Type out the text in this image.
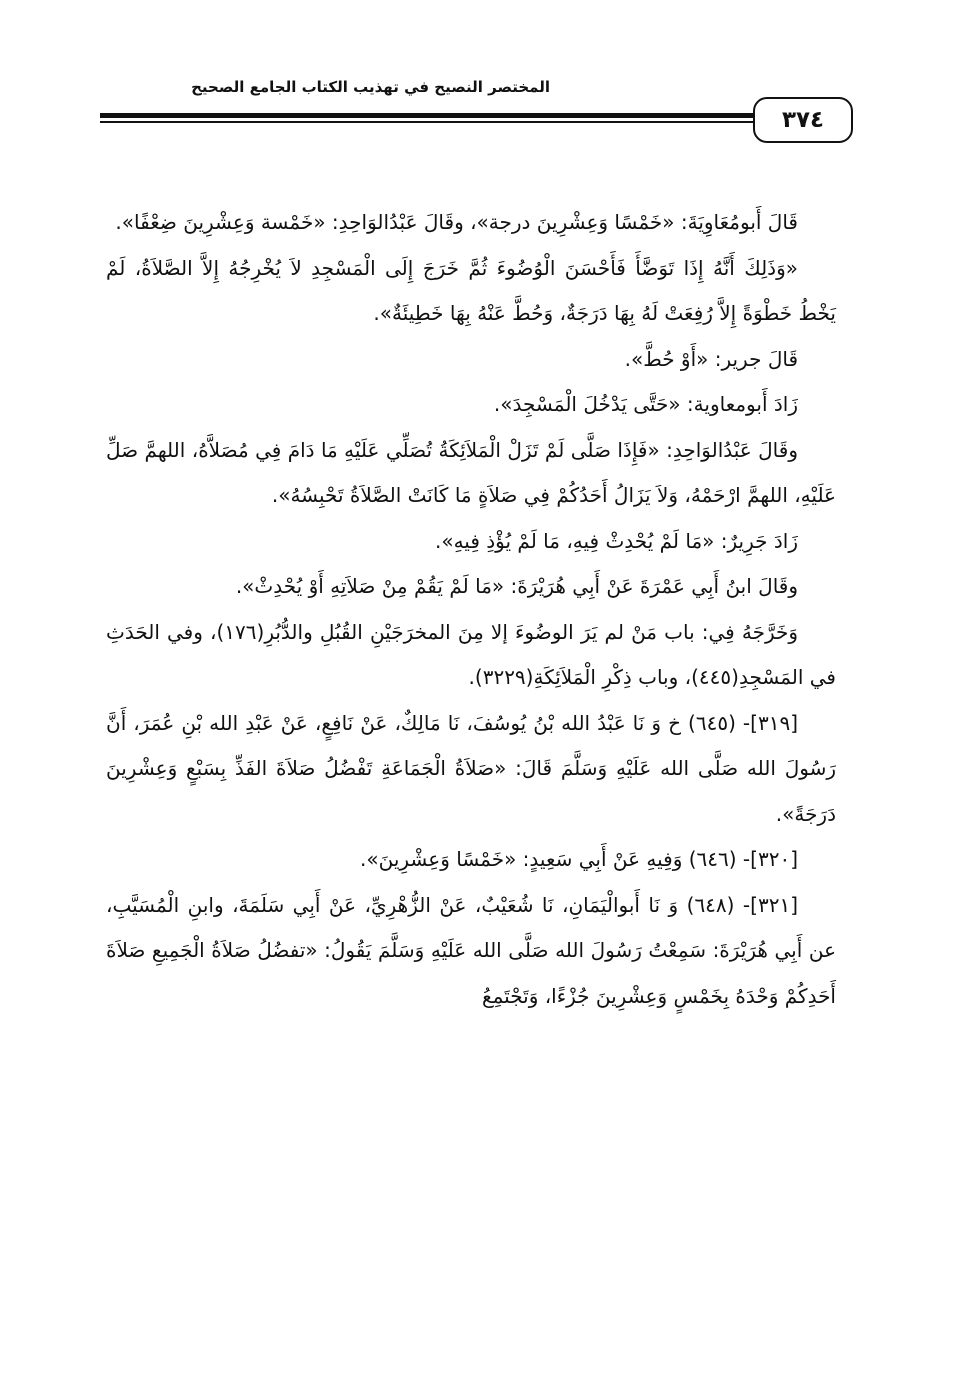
المختصر النصيح في تهذيب الكتاب الجامع الصحيح
٣٧٤

قَالَ أَبومُعَاوِيَةَ: «خَمْسًا وَعِشْرِينَ درجة»، وقَالَ عَبْدُالوَاحِدِ: «خَمْسة وَعِشْرِينَ ضِعْفًا».

«وَذَلِكَ أَنَّهُ إِذَا تَوَضَّأَ فَأَحْسَنَ الْوُضُوءَ ثُمَّ خَرَجَ إِلَى الْمَسْجِدِ لاَ يُخْرِجُهُ إِلاَّ الصَّلاَةُ، لَمْ يَخْطُ خَطْوَةً إِلاَّ رُفِعَتْ لَهُ بِهَا دَرَجَةٌ، وَحُطَّ عَنْهُ بِهَا خَطِيئَةٌ».

قَالَ جرير: «أَوْ حُطَّ».

زَادَ أَبومعاوية: «حَتَّى يَدْخُلَ الْمَسْجِدَ».

وقَالَ عَبْدُالوَاحِدِ: «فَإِذَا صَلَّى لَمْ تَزَلْ الْمَلاَئِكَةُ تُصَلِّي عَلَيْهِ مَا دَامَ فِي مُصَلاَّهُ، اللهمَّ صَلِّ عَلَيْهِ، اللهمَّ ارْحَمْهُ، وَلاَ يَزَالُ أَحَدُكُمْ فِي صَلاَةٍ مَا كَانَتْ الصَّلاَةُ تَحْبِسُهُ».

زَادَ جَرِيرٌ: «مَا لَمْ يُحْدِثْ فِيهِ، مَا لَمْ يُؤْذِ فِيهِ».

وقَالَ ابنُ أَبِي عَمْرَةَ عَنْ أَبِي هُرَيْرَةَ: «مَا لَمْ يَقُمْ مِنْ صَلاَتِهِ أَوْ يُحْدِثْ».

وَخَرَّجَهُ فِي: باب مَنْ لم يَرَ الوضُوءَ إلا مِنَ المخرَجَيْنِ القُبُلِ والدُّبُرِ(١٧٦)، وفي الحَدَثِ في المَسْجِدِ(٤٤٥)، وباب ذِكْرِ الْمَلاَئِكَةِ(٣٢٢٩).

[٣١٩]- (٦٤٥) خ وَ نَا عَبْدُ الله بْنُ يُوسُفَ، نَا مَالِكٌ، عَنْ نَافِعٍ، عَنْ عَبْدِ الله بْنِ عُمَرَ، أَنَّ رَسُولَ الله صَلَّى الله عَلَيْهِ وَسَلَّمَ قَالَ: «صَلاَةُ الْجَمَاعَةِ تَفْضُلُ صَلاَةَ الفَذِّ بِسَبْعٍ وَعِشْرِينَ دَرَجَةً».

[٣٢٠]- (٦٤٦) وَفِيهِ عَنْ أَبِي سَعِيدٍ: «خَمْسًا وَعِشْرِينَ».

[٣٢١]- (٦٤٨) وَ نَا أَبوالْيَمَانِ، نَا شُعَيْبٌ، عَنْ الزُّهْرِيِّ، عَنْ أَبِي سَلَمَةَ، وابنِ الْمُسَيَّبِ، عن أَبِي هُرَيْرَةَ: سَمِعْتُ رَسُولَ الله صَلَّى الله عَلَيْهِ وَسَلَّمَ يَقُولُ: «تفضُلُ صَلاَةُ الْجَمِيعِ صَلاَةَ أَحَدِكُمْ وَحْدَهُ بِخَمْسٍ وَعِشْرِينَ جُزْءًا، وَتَجْتَمِعُ
